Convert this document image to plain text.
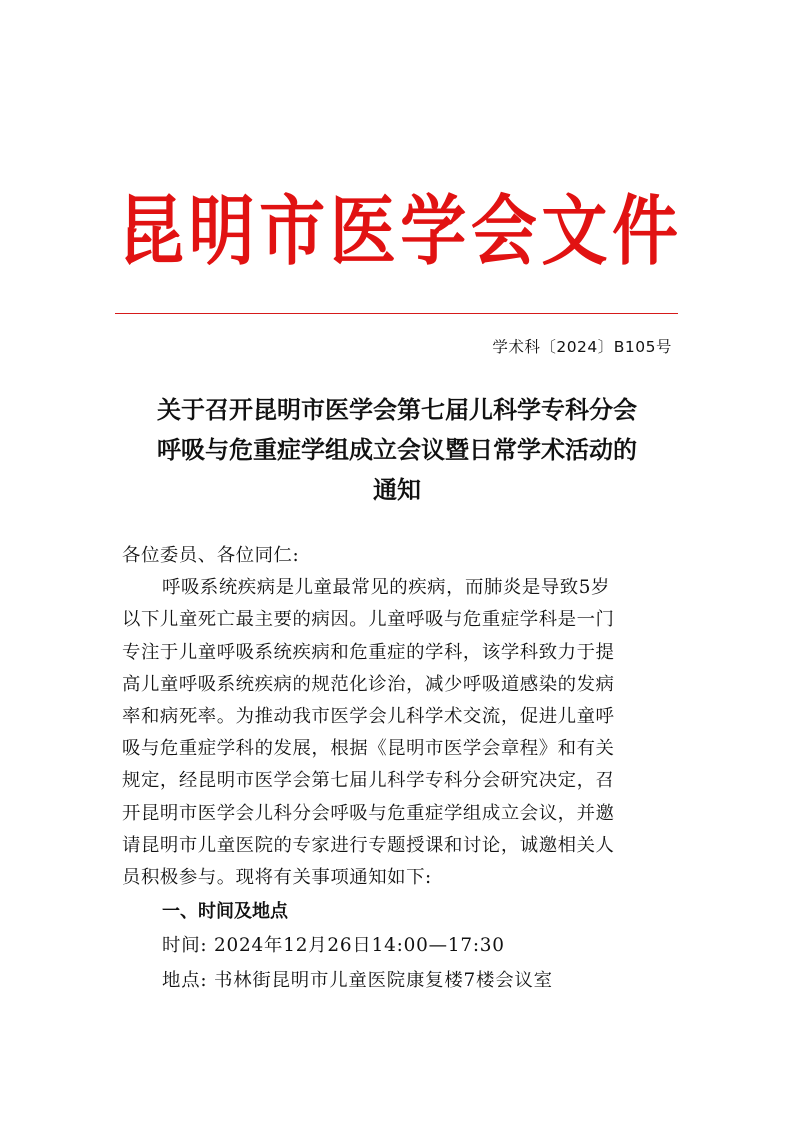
昆 明 市 医 学 会 文 件
学术科〔2024〕B105号
关于召开昆明市医学会第七届儿科学专科分会
呼吸与危重症学组成立会议暨日常学术活动的
通知
各位委员、各位同仁:
呼吸系统疾病是儿童最常见的疾病，而肺炎是导致5岁
以下儿童死亡最主要的病因。儿童呼吸与危重症学科是一门
专注于儿童呼吸系统疾病和危重症的学科，该学科致力于提
高儿童呼吸系统疾病的规范化诊治，减少呼吸道感染的发病
率和病死率。为推动我市医学会儿科学术交流，促进儿童呼
吸与危重症学科的发展，根据《昆明市医学会章程》和有关
规定，经昆明市医学会第七届儿科学专科分会研究决定，召
开昆明市医学会儿科分会呼吸与危重症学组成立会议，并邀
请昆明市儿童医院的专家进行专题授课和讨论，诚邀相关人
员积极参与。现将有关事项通知如下:
一、时间及地点
时间: 2024年12月26日14:00—17:30
地点: 书林街昆明市儿童医院康复楼7楼会议室
